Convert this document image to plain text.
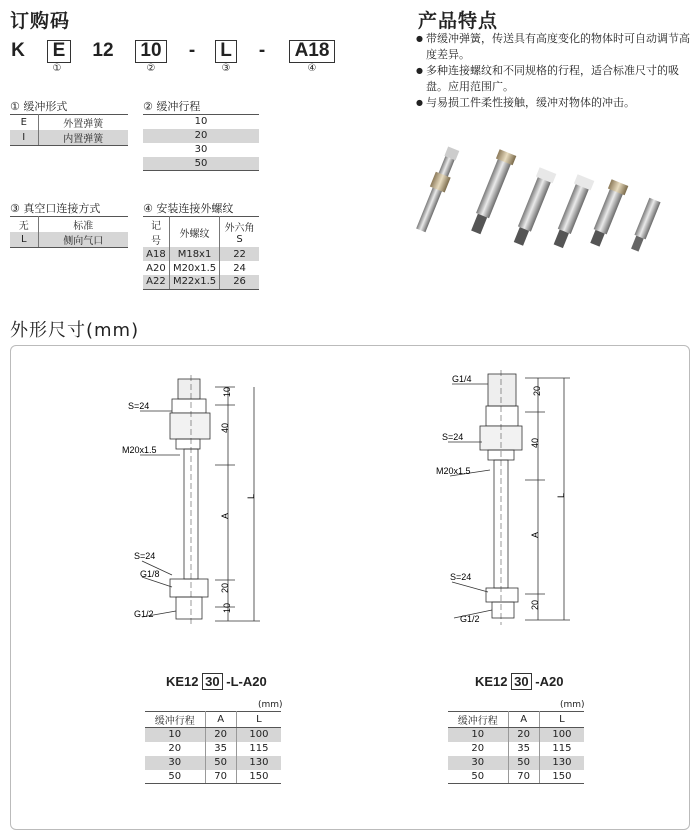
订购码
K E 12 10 - L - A18
①	②	③	④
① 缓冲形式
E	外置弹簧
I	内置弹簧
② 缓冲行程
10
20
30
50
③ 真空口连接方式
无	标准
L	侧向气口
④ 安装连接外螺纹
记号	外螺纹	外六角S
A18	M18x1	22
A20	M20x1.5	24
A22	M22x1.5	26
产品特点
● 带缓冲弹簧，传送具有高度变化的物体时可自动调节高度差异。
● 多种连接螺纹和不同规格的行程，适合标准尺寸的吸盘。应用范围广。
● 与易损工件柔性接触，缓冲对物体的冲击。
外形尺寸(mm)
S=24
M20x1.5
S=24
G1/8
G1/2
10
40
A
L
20
10
G1/4
S=24
M20x1.5
S=24
G1/2
20
40
A
L
20
KE12 30 -L-A20
(mm)
缓冲行程	A	L
10	20	100
20	35	115
30	50	130
50	70	150
KE12 30 -A20
(mm)
缓冲行程	A	L
10	20	100
20	35	115
30	50	130
50	70	150
